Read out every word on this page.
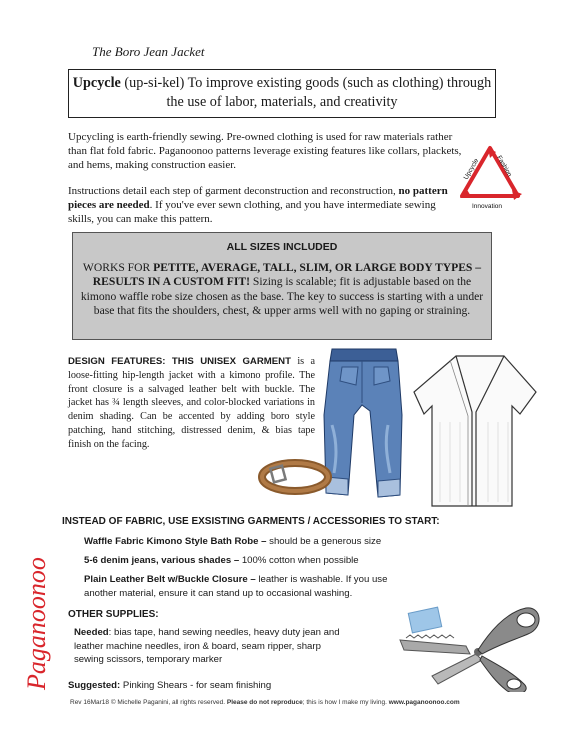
The Boro Jean Jacket
Upcycle (up-si-kel) To improve existing goods (such as clothing) through the use of labor, materials, and creativity
Upcycling is earth-friendly sewing. Pre-owned clothing is used for raw materials rather than flat fold fabric. Paganoonoo patterns leverage existing features like collars, plackets, and hems, making construction easier.
Instructions detail each step of garment deconstruction and reconstruction, no pattern pieces are needed. If you've ever sewn clothing, and you have intermediate sewing skills, you can make this pattern.
Upcycle Fashion
Innovation
ALL SIZES INCLUDED
WORKS FOR PETITE, AVERAGE, TALL, SLIM, OR LARGE BODY TYPES – RESULTS IN A CUSTOM FIT! Sizing is scalable; fit is adjustable based on the kimono waffle robe size chosen as the base. The key to success is starting with a under base that fits the shoulders, chest, & upper arms well with no gaping or straining.
DESIGN FEATURES: THIS UNISEX GARMENT is a loose-fitting hip-length jacket with a kimono profile. The front closure is a salvaged leather belt with buckle. The jacket has ¾ length sleeves, and color-blocked variations in denim shading. Can be accented by adding boro style patching, hand stitching, distressed denim, & bias tape finish on the facing.
INSTEAD OF FABRIC, USE EXSISTING GARMENTS / ACCESSORIES TO START:
Waffle Fabric Kimono Style Bath Robe – should be a generous size
5-6 denim jeans, various shades – 100% cotton when possible
Plain Leather Belt w/Buckle Closure – leather is washable. If you use another material, ensure it can stand up to occasional washing.
OTHER SUPPLIES:
Needed: bias tape, hand sewing needles, heavy duty jean and leather machine needles, iron & board, seam ripper, sharp sewing scissors, temporary marker
Suggested: Pinking Shears - for seam finishing
Paganoonoo
Rev 16Mar18 © Michelle Paganini, all rights reserved. Please do not reproduce; this is how I make my living. www.paganoonoo.com
